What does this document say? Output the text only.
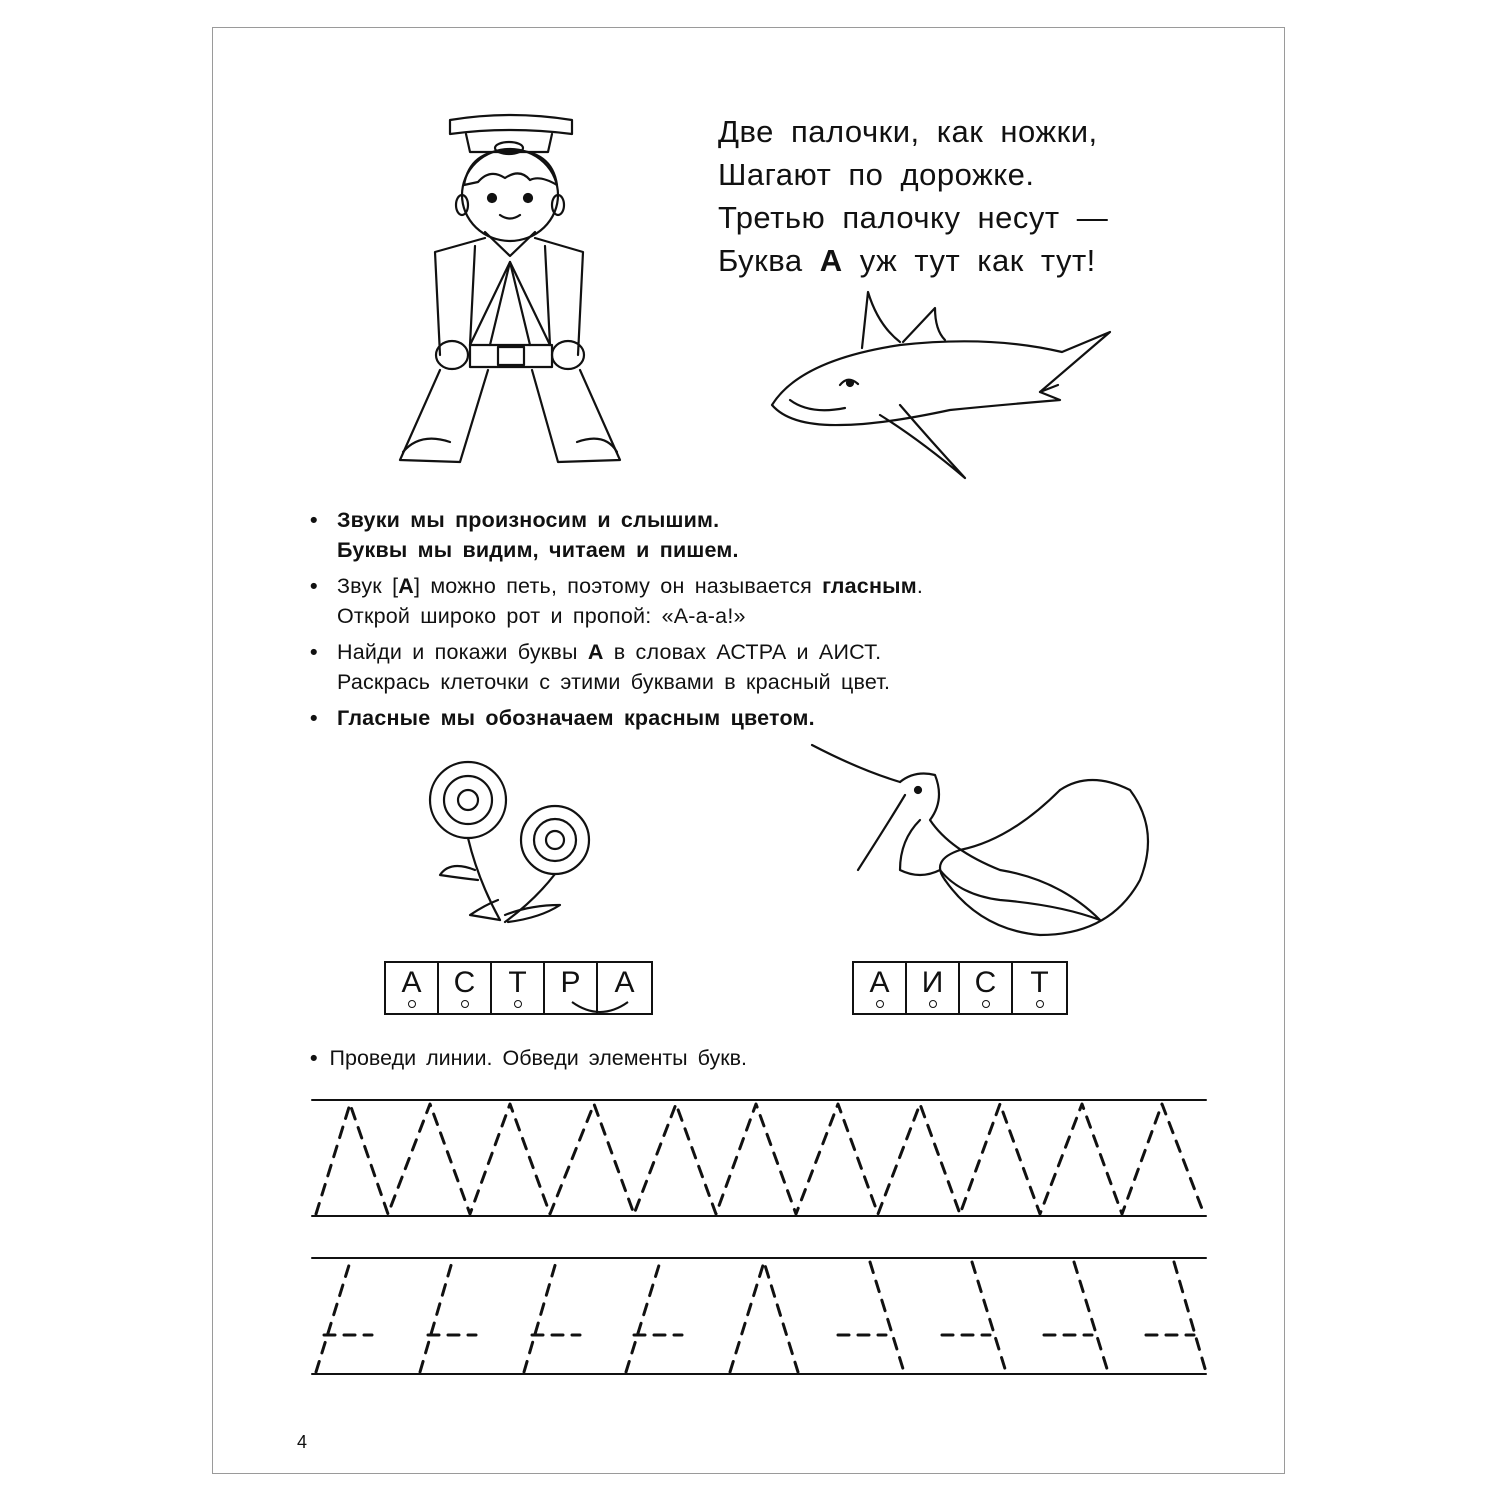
Две палочки, как ножки,
Шагают по дорожке.
Третью палочку несут —
Буква А уж тут как тут!
• Звуки мы произносим и слышим.
Буквы мы видим, читаем и пишем.
• Звук [А] можно петь, поэтому он называется гласным.
Открой широко рот и пропой: «А-а-а!»
• Найди и покажи буквы А в словах АСТРА и АИСТ.
Раскрась клеточки с этими буквами в красный цвет.
• Гласные мы обозначаем красным цветом.
А	С	Т	Р	А	А	И	С	Т
• Проведи линии. Обведи элементы букв.
4
